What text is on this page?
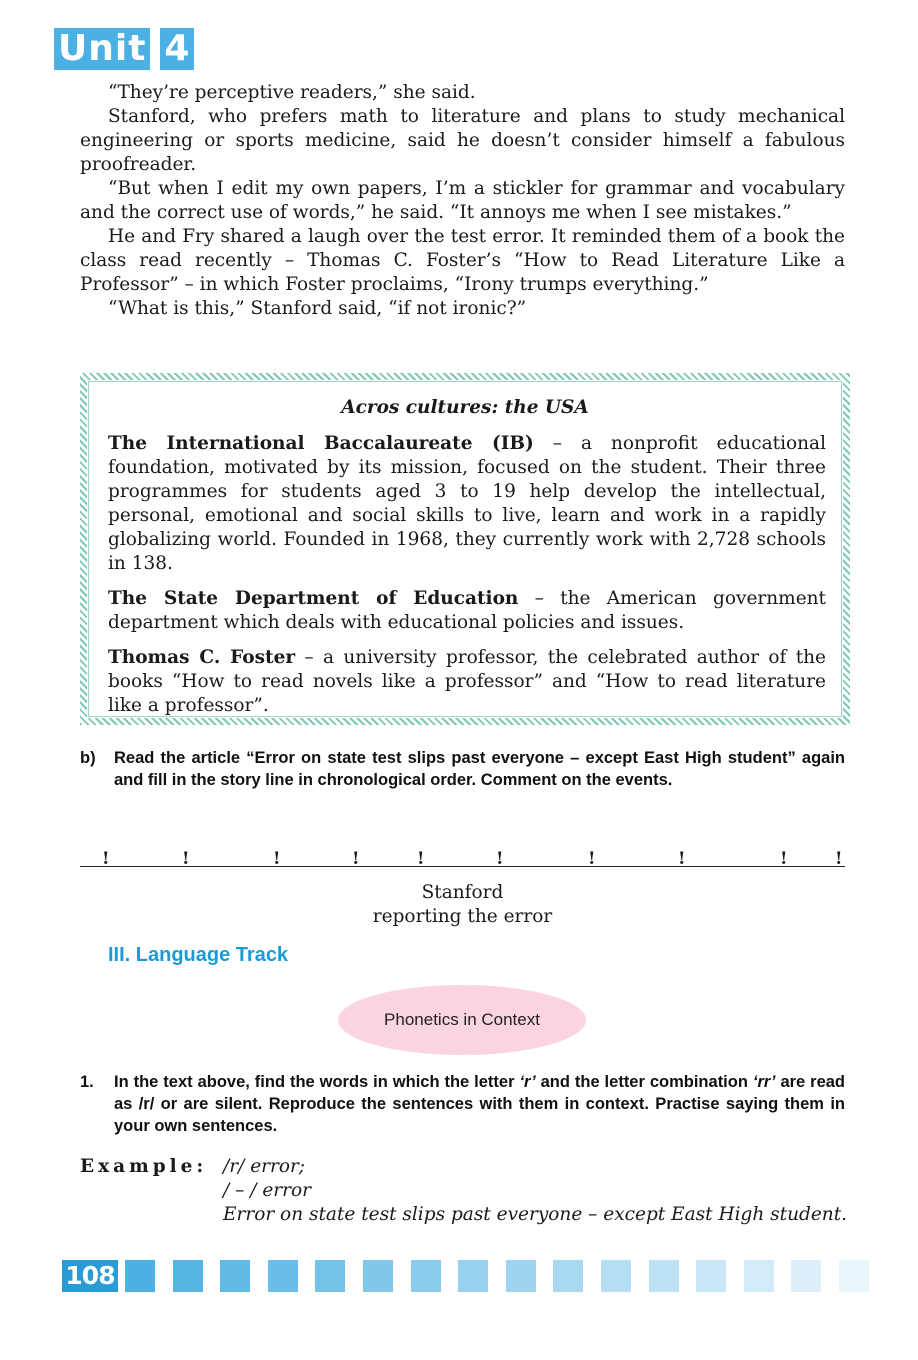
Unit 4

“They’re perceptive readers,” she said.

Stanford, who prefers math to literature and plans to study mechanical engineering or sports medicine, said he doesn’t consider himself a fabulous proofreader.

“But when I edit my own papers, I’m a stickler for grammar and vocabulary and the correct use of words,” he said. “It annoys me when I see mistakes.”

He and Fry shared a laugh over the test error. It reminded them of a book the class read recently – Thomas C. Foster’s “How to Read Literature Like a Professor” – in which Foster proclaims, “Irony trumps everything.”

“What is this,” Stanford said, “if not ironic?”

Acros cultures: the USA

The International Baccalaureate (IB) – a nonprofit educational foundation, motivated by its mission, focused on the student. Their three programmes for students aged 3 to 19 help develop the intellectual, personal, emotional and social skills to live, learn and work in a rapidly globalizing world. Founded in 1968, they currently work with 2,728 schools in 138.

The State Department of Education – the American government department which deals with educational policies and issues.

Thomas C. Foster – a university professor, the celebrated author of the books “How to read novels like a professor” and “How to read literature like a professor”.

b) Read the article “Error on state test slips past everyone – except East High student” again and fill in the story line in chronological order. Comment on the events.
!	!	!	!	!	!	!	!	!	!
Stanford
reporting the error
III. Language Track
Phonetics in Context
1. In the text above, find the words in which the letter ‘r’ and the letter combination ‘rr’ are read as /r/ or are silent. Reproduce the sentences with them in context. Practise saying them in your own sentences.
Example: /r/ error;
/ – / error
Error on state test slips past everyone – except East High student.
108
